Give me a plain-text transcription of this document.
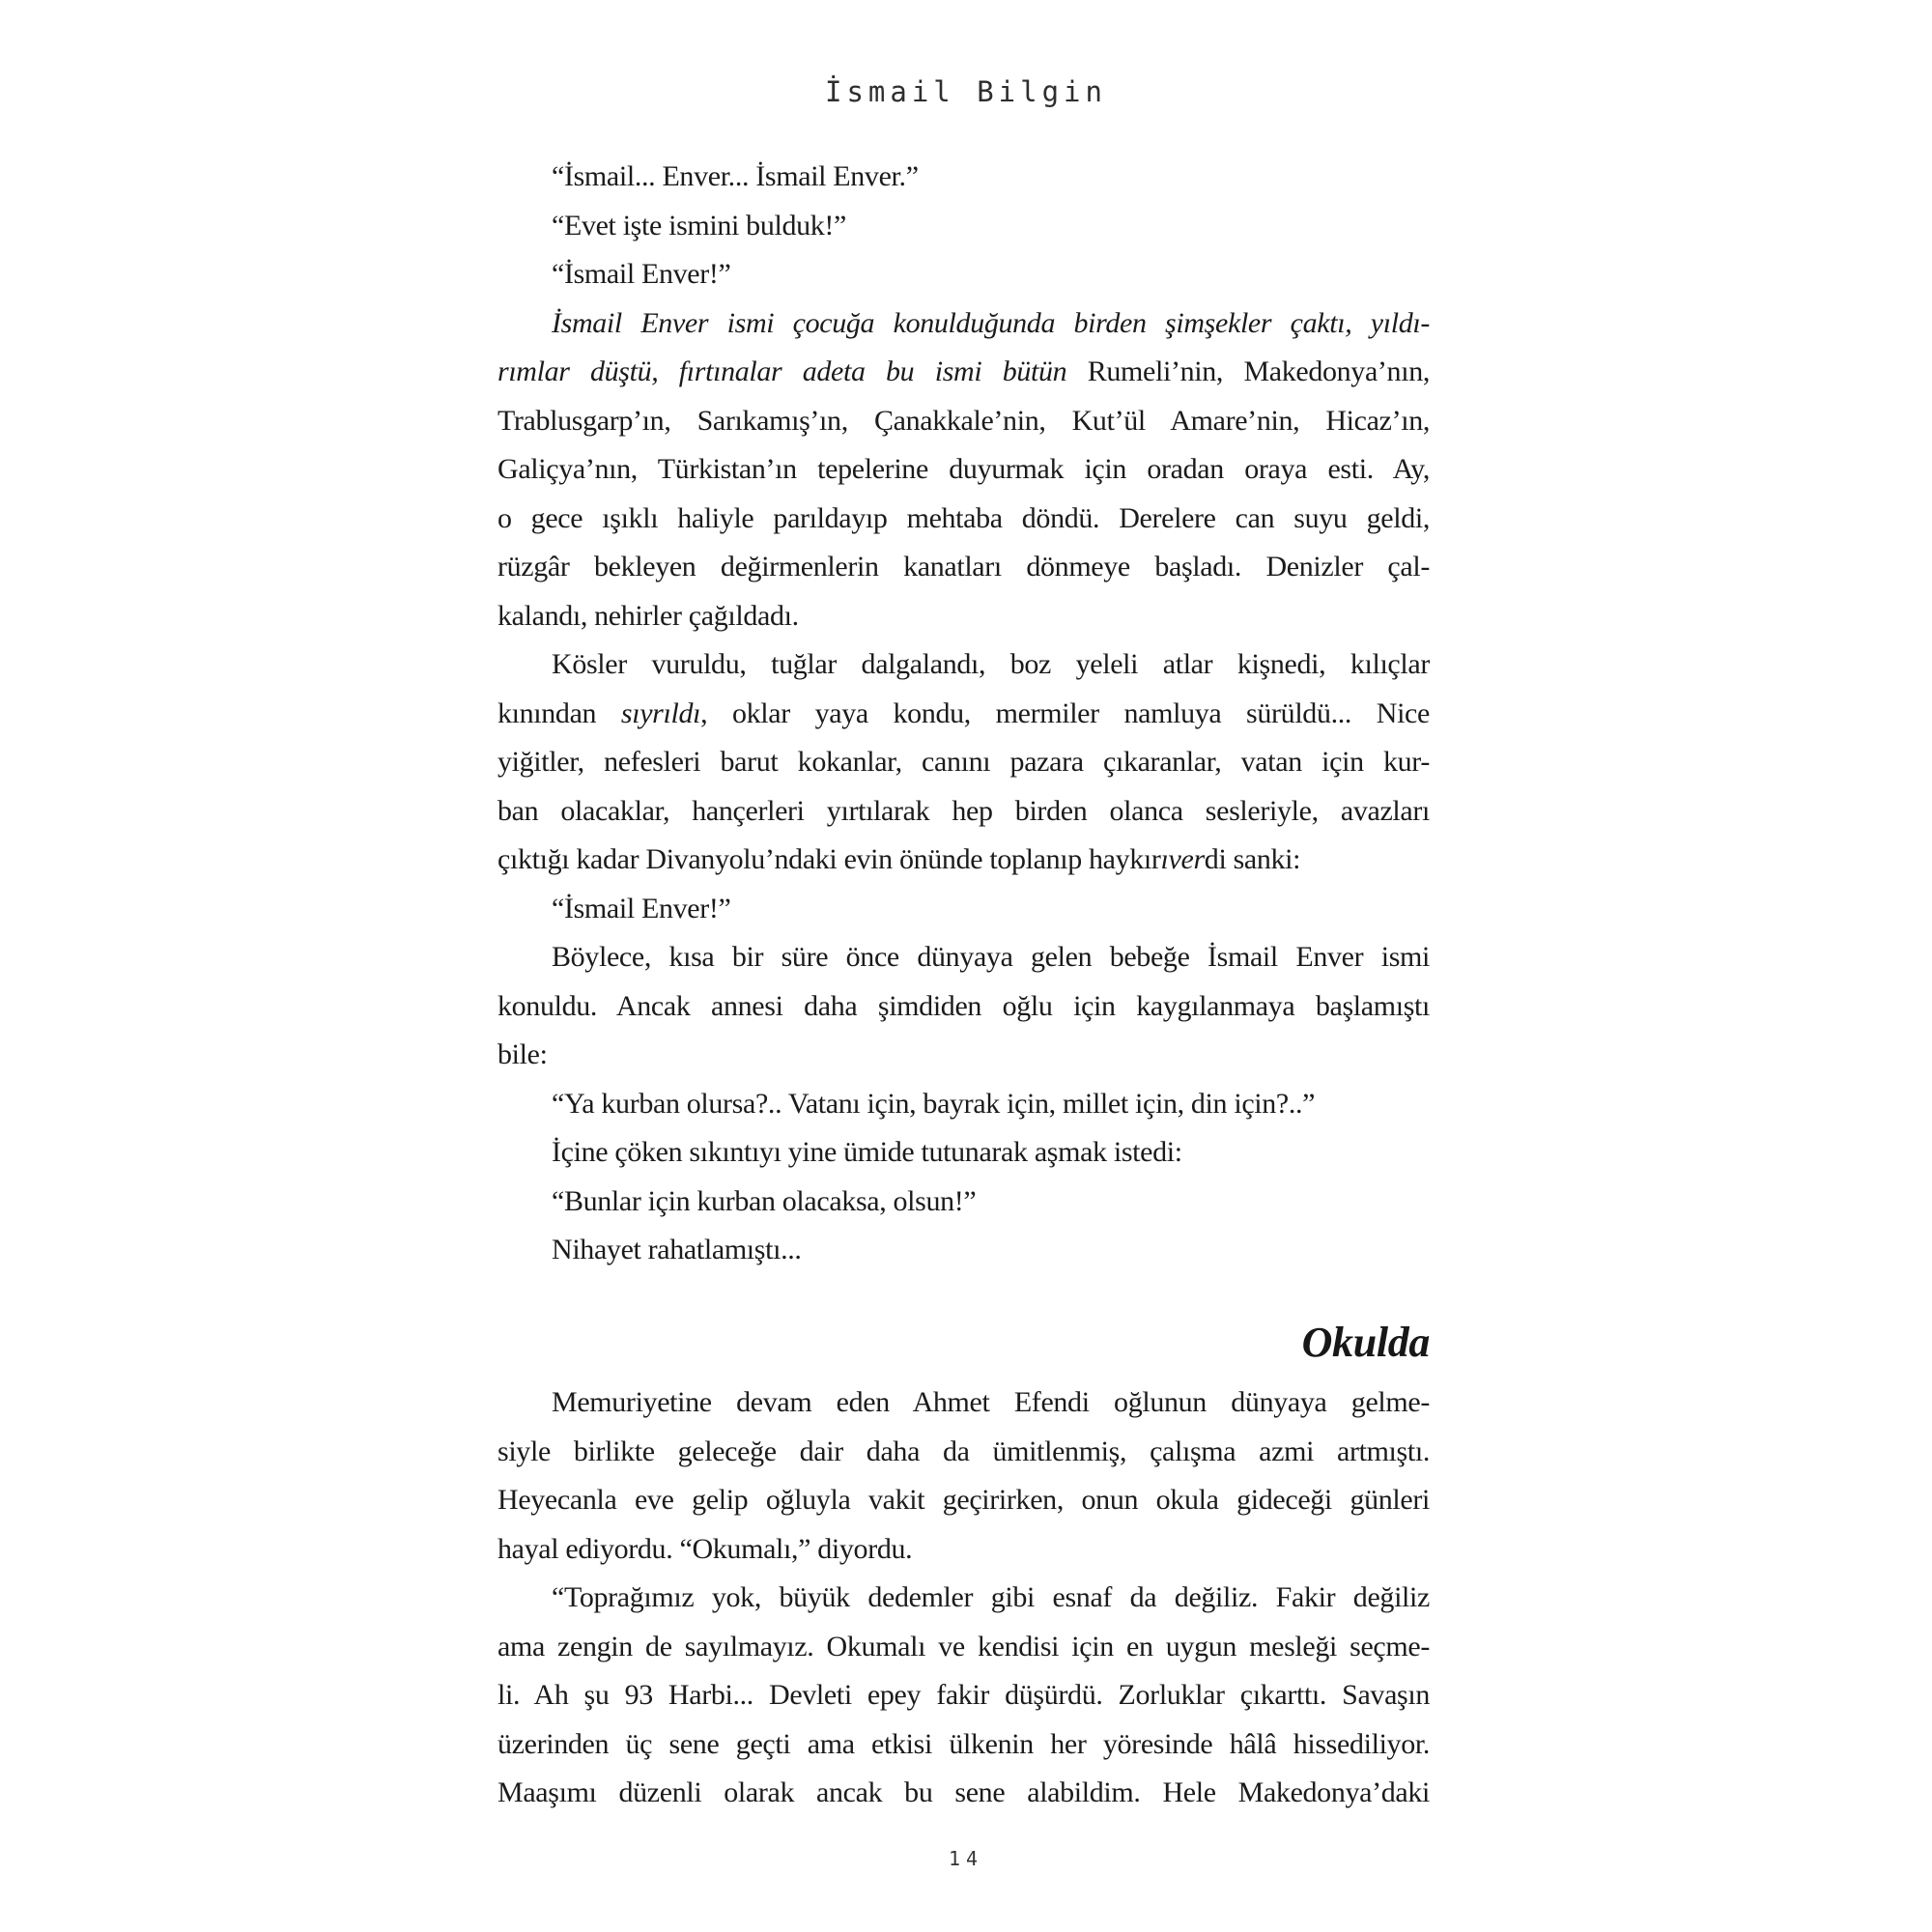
İsmail Bilgin
“İsmail... Enver... İsmail Enver.”
“Evet işte ismini bulduk!”
“İsmail Enver!”
İsmail Enver ismi çocuğa konulduğunda birden şimşekler çaktı, yıldı-
rımlar düştü, fırtınalar adeta bu ismi bütün Rumeli’nin, Makedonya’nın,
Trablusgarp’ın, Sarıkamış’ın, Çanakkale’nin, Kut’ül Amare’nin, Hicaz’ın,
Galiçya’nın, Türkistan’ın tepelerine duyurmak için oradan oraya esti. Ay,
o gece ışıklı haliyle parıldayıp mehtaba döndü. Derelere can suyu geldi,
rüzgâr bekleyen değirmenlerin kanatları dönmeye başladı. Denizler çal-
kalandı, nehirler çağıldadı.
Kösler vuruldu, tuğlar dalgalandı, boz yeleli atlar kişnedi, kılıçlar
kınından sıyrıldı, oklar yaya kondu, mermiler namluya sürüldü... Nice
yiğitler, nefesleri barut kokanlar, canını pazara çıkaranlar, vatan için kur-
ban olacaklar, hançerleri yırtılarak hep birden olanca sesleriyle, avazları
çıktığı kadar Divanyolu’ndaki evin önünde toplanıp haykırıverdi sanki:
“İsmail Enver!”
Böylece, kısa bir süre önce dünyaya gelen bebeğe İsmail Enver ismi
konuldu. Ancak annesi daha şimdiden oğlu için kaygılanmaya başlamıştı
bile:
“Ya kurban olursa?.. Vatanı için, bayrak için, millet için, din için?..”
İçine çöken sıkıntıyı yine ümide tutunarak aşmak istedi:
“Bunlar için kurban olacaksa, olsun!”
Nihayet rahatlamıştı...
Okulda
Memuriyetine devam eden Ahmet Efendi oğlunun dünyaya gelme-
siyle birlikte geleceğe dair daha da ümitlenmiş, çalışma azmi artmıştı.
Heyecanla eve gelip oğluyla vakit geçirirken, onun okula gideceği günleri
hayal ediyordu. “Okumalı,” diyordu.
“Toprağımız yok, büyük dedemler gibi esnaf da değiliz. Fakir değiliz
ama zengin de sayılmayız. Okumalı ve kendisi için en uygun mesleği seçme-
li. Ah şu 93 Harbi... Devleti epey fakir düşürdü. Zorluklar çıkarttı. Savaşın
üzerinden üç sene geçti ama etkisi ülkenin her yöresinde hâlâ hissediliyor.
Maaşımı düzenli olarak ancak bu sene alabildim. Hele Makedonya’daki
14
